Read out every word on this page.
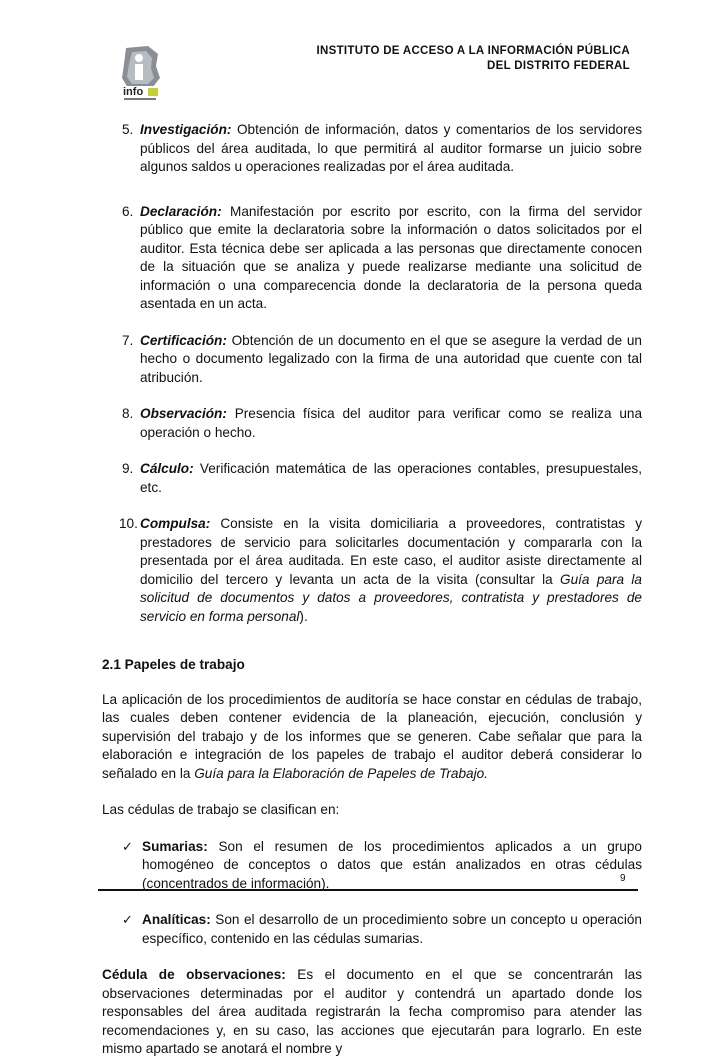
info
INSTITUTO DE ACCESO A LA INFORMACIÓN PÚBLICA
DEL DISTRITO FEDERAL
5. Investigación: Obtención de información, datos y comentarios de los servidores públicos del área auditada, lo que permitirá al auditor formarse un juicio sobre algunos saldos u operaciones realizadas por el área auditada.
6. Declaración: Manifestación por escrito por escrito, con la firma del servidor público que emite la declaratoria sobre la información o datos solicitados por el auditor. Esta técnica debe ser aplicada a las personas que directamente conocen de la situación que se analiza y puede realizarse mediante una solicitud de información o una comparecencia donde la declaratoria de la persona queda asentada en un acta.
7. Certificación: Obtención de un documento en el que se asegure la verdad de un hecho o documento legalizado con la firma de una autoridad que cuente con tal atribución.
8. Observación: Presencia física del auditor para verificar como se realiza una operación o hecho.
9. Cálculo: Verificación matemática de las operaciones contables, presupuestales, etc.
10. Compulsa: Consiste en la visita domiciliaria a proveedores, contratistas y prestadores de servicio para solicitarles documentación y compararla con la presentada por el área auditada. En este caso, el auditor asiste directamente al domicilio del tercero y levanta un acta de la visita (consultar la Guía para la solicitud de documentos y datos a proveedores, contratista y prestadores de servicio en forma personal).
2.1 Papeles de trabajo

La aplicación de los procedimientos de auditoría se hace constar en cédulas de trabajo, las cuales deben contener evidencia de la planeación, ejecución, conclusión y supervisión del trabajo y de los informes que se generen. Cabe señalar que para la elaboración e integración de los papeles de trabajo el auditor deberá considerar lo señalado en la Guía para la Elaboración de Papeles de Trabajo.

Las cédulas de trabajo se clasifican en:

✓ Sumarias: Son el resumen de los procedimientos aplicados a un grupo homogéneo de conceptos o datos que están analizados en otras cédulas (concentrados de información).
✓ Analíticas: Son el desarrollo de un procedimiento sobre un concepto u operación específico, contenido en las cédulas sumarias.

Cédula de observaciones: Es el documento en el que se concentrarán las observaciones determinadas por el auditor y contendrá un apartado donde los responsables del área auditada registrarán la fecha compromiso para atender las recomendaciones y, en su caso, las acciones que ejecutarán para lograrlo. En este mismo apartado se anotará el nombre y

9
